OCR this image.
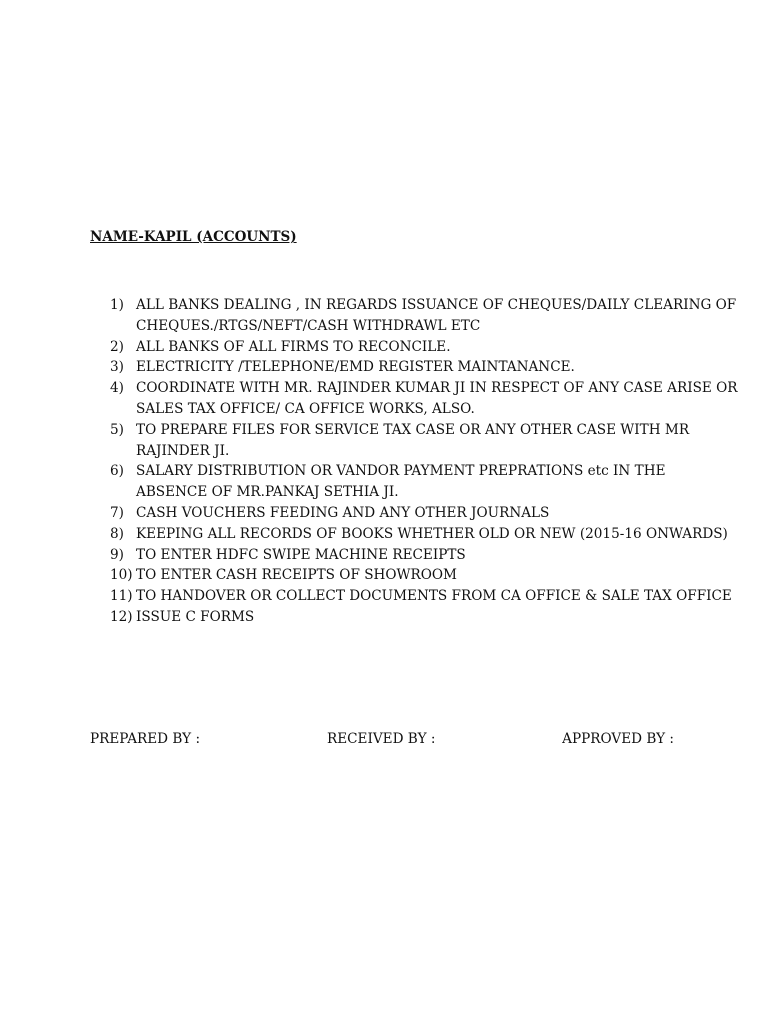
NAME-KAPIL (ACCOUNTS)
1) ALL BANKS DEALING , IN REGARDS ISSUANCE OF CHEQUES/DAILY CLEARING OF
CHEQUES./RTGS/NEFT/CASH WITHDRAWL ETC
2) ALL BANKS OF ALL FIRMS TO RECONCILE.
3) ELECTRICITY /TELEPHONE/EMD REGISTER MAINTANANCE.
4) COORDINATE WITH MR. RAJINDER KUMAR JI IN RESPECT OF ANY CASE ARISE OR
SALES TAX OFFICE/ CA OFFICE WORKS, ALSO.
5) TO PREPARE FILES FOR SERVICE TAX CASE OR ANY OTHER CASE WITH MR
RAJINDER JI.
6) SALARY DISTRIBUTION OR VANDOR PAYMENT PREPRATIONS etc IN THE
ABSENCE OF MR.PANKAJ SETHIA JI.
7) CASH VOUCHERS FEEDING AND ANY OTHER JOURNALS
8) KEEPING ALL RECORDS OF BOOKS WHETHER OLD OR NEW (2015-16 ONWARDS)
9) TO ENTER HDFC SWIPE MACHINE RECEIPTS
10) TO ENTER CASH RECEIPTS OF SHOWROOM
11) TO HANDOVER OR COLLECT DOCUMENTS FROM CA OFFICE & SALE TAX OFFICE
12) ISSUE C FORMS
PREPARED BY :	RECEIVED BY :	APPROVED BY :
